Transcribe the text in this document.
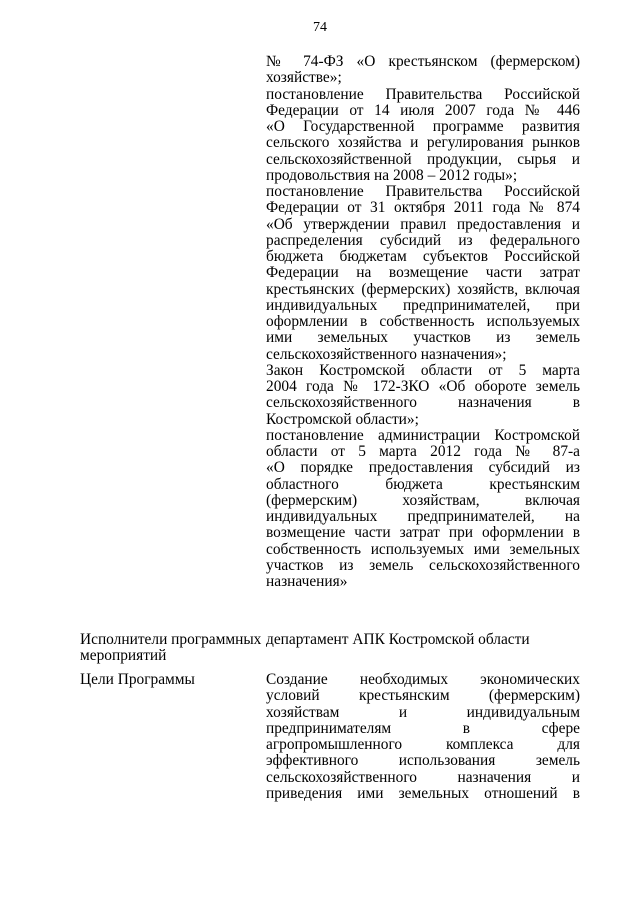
74
№ 74-ФЗ «О крестьянском (фермерском)
хозяйстве»;
постановление Правительства Российской
Федерации от 14 июля 2007 года № 446
«О Государственной программе развития
сельского хозяйства и регулирования рынков
сельскохозяйственной продукции, сырья и
продовольствия на 2008 – 2012 годы»;
постановление Правительства Российской
Федерации от 31 октября 2011 года № 874
«Об утверждении правил предоставления и
распределения субсидий из федерального
бюджета бюджетам субъектов Российской
Федерации на возмещение части затрат
крестьянских (фермерских) хозяйств, включая
индивидуальных предпринимателей, при
оформлении в собственность используемых
ими земельных участков из земель
сельскохозяйственного назначения»;
Закон Костромской области от 5 марта
2004 года № 172-ЗКО «Об обороте земель
сельскохозяйственного назначения в
Костромской области»;
постановление администрации Костромской
области от 5 марта 2012 года № 87-а
«О порядке предоставления субсидий из
областного бюджета крестьянским
(фермерским) хозяйствам, включая
индивидуальных предпринимателей, на
возмещение части затрат при оформлении в
собственность используемых ими земельных
участков из земель сельскохозяйственного
назначения»
Исполнители программных
мероприятий
департамент АПК Костромской области
Цели Программы	Создание необходимых экономических
условий крестьянским (фермерским)
хозяйствам и индивидуальным
предпринимателям в сфере
агропромышленного комплекса для
эффективного использования земель
сельскохозяйственного назначения и
приведения ими земельных отношений в
